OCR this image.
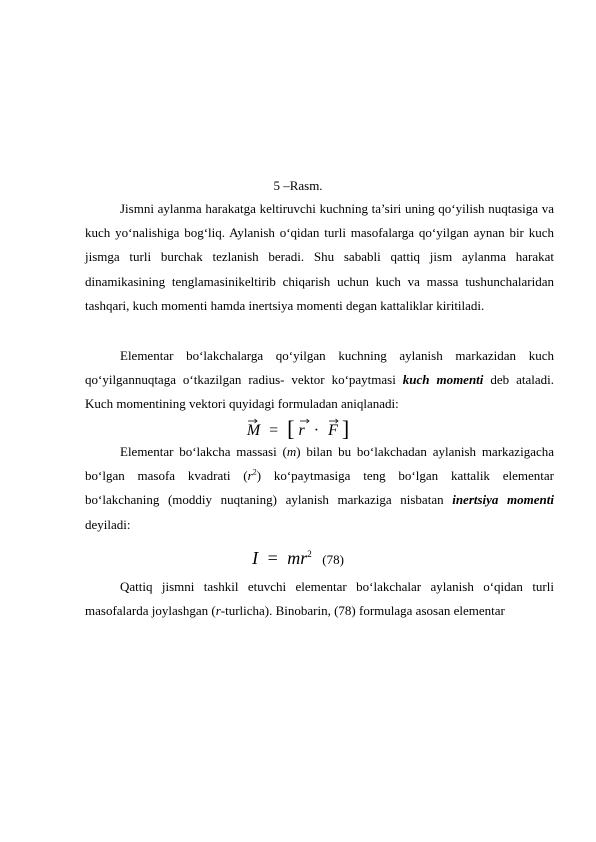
5 –Rasm.

Jismni aylanma harakatga keltiruvchi kuchning ta’siri uning qo‘yilish nuqtasiga va kuch yo‘nalishiga bog‘liq. Aylanish o‘qidan turli masofalarga qo‘yilgan aynan bir kuch jismga turli burchak tezlanish beradi. Shu sababli qattiq jism aylanma harakat dinamikasining tenglamasinikeltirib chiqarish uchun kuch va massa tushunchalaridan tashqari, kuch momenti hamda inertsiya momenti degan kattaliklar kiritiladi.

Elementar bo‘lakchalarga qo‘yilgan kuchning aylanish markazidan kuch qo‘yilgannuqtaga o‘tkazilgan radius- vektor ko‘paytmasi kuch momenti deb ataladi. Kuch momentining vektori quyidagi formuladan aniqlanadi:

M = [ r · F ]

Elementar bo‘lakcha massasi (m) bilan bu bo‘lakchadan aylanish markazigacha bo‘lgan masofa kvadrati $(r^2)$ ko‘paytmasiga teng bo‘lgan kattalik elementar bo‘lakchaning (moddiy nuqtaning) aylanish markaziga nisbatan inertsiya momenti deyiladi:

$I = mr^2$ (78)

Qattiq jismni tashkil etuvchi elementar bo‘lakchalar aylanish o‘qidan turli masofalarda joylashgan (r-turlicha). Binobarin, (78) formulaga asosan elementar
